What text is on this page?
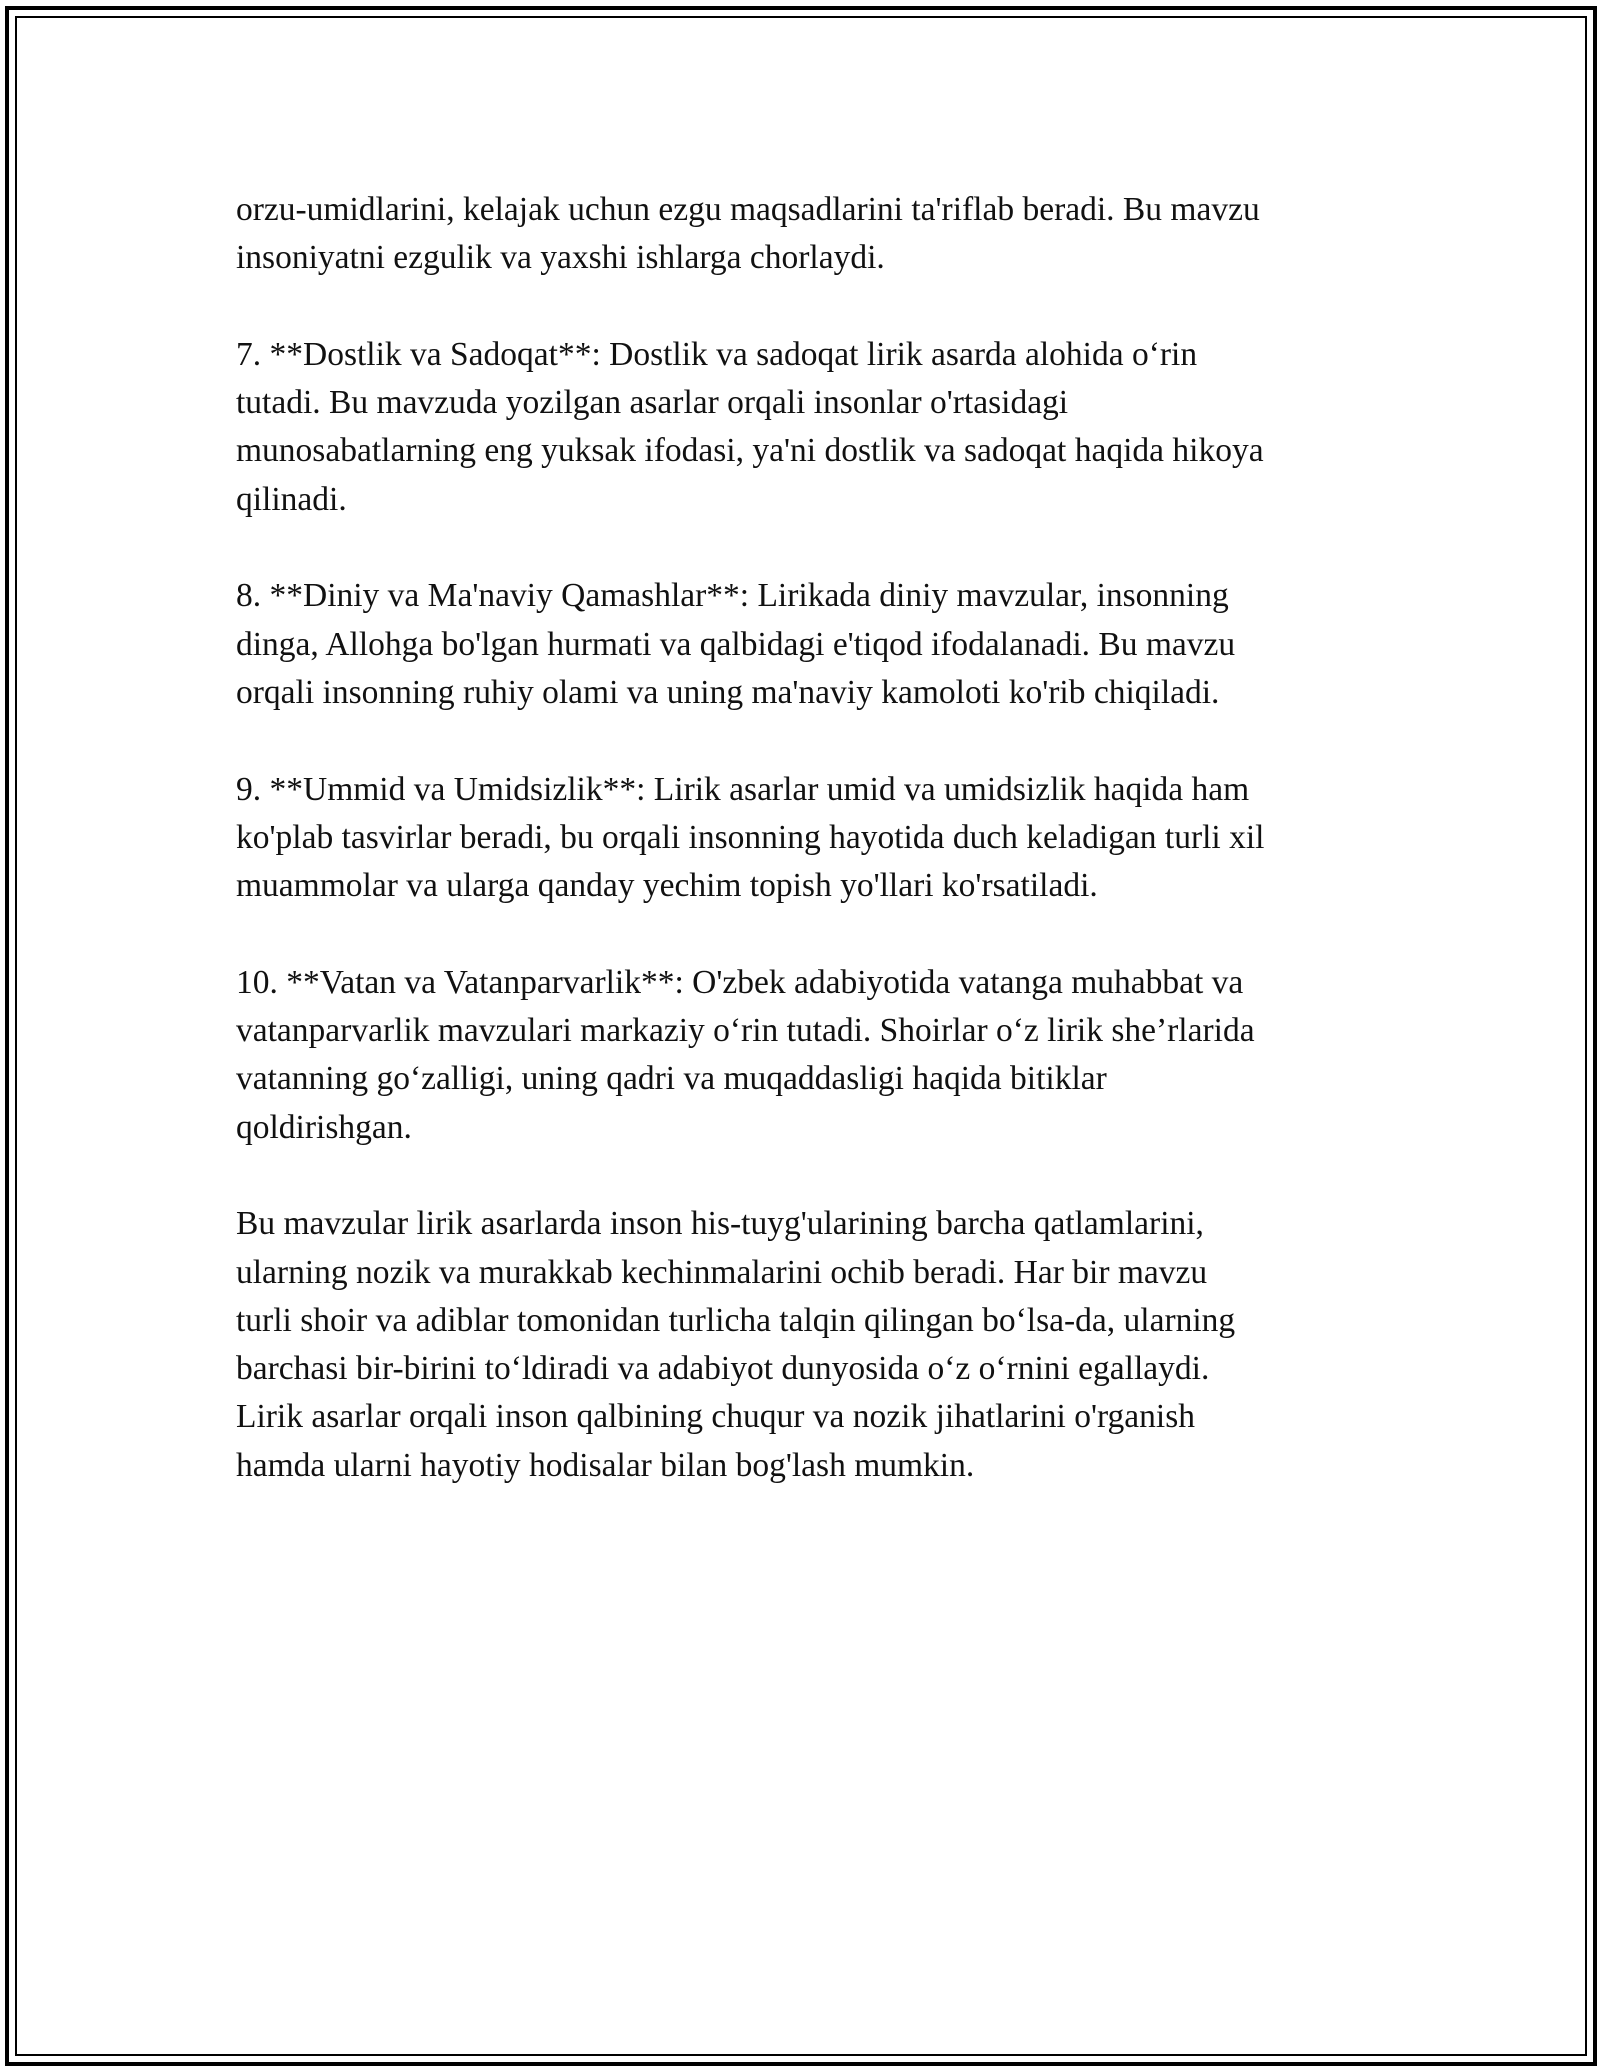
orzu-umidlarini, kelajak uchun ezgu maqsadlarini ta'riflab beradi. Bu mavzu
insoniyatni ezgulik va yaxshi ishlarga chorlaydi.

7. **Dostlik va Sadoqat**: Dostlik va sadoqat lirik asarda alohida o‘rin
tutadi. Bu mavzuda yozilgan asarlar orqali insonlar o'rtasidagi
munosabatlarning eng yuksak ifodasi, ya'ni dostlik va sadoqat haqida hikoya
qilinadi.

8. **Diniy va Ma'naviy Qamashlar**: Lirikada diniy mavzular, insonning
dinga, Allohga bo'lgan hurmati va qalbidagi e'tiqod ifodalanadi. Bu mavzu
orqali insonning ruhiy olami va uning ma'naviy kamoloti ko'rib chiqiladi.

9. **Ummid va Umidsizlik**: Lirik asarlar umid va umidsizlik haqida ham
ko'plab tasvirlar beradi, bu orqali insonning hayotida duch keladigan turli xil
muammolar va ularga qanday yechim topish yo'llari ko'rsatiladi.

10. **Vatan va Vatanparvarlik**: O'zbek adabiyotida vatanga muhabbat va
vatanparvarlik mavzulari markaziy o‘rin tutadi. Shoirlar o‘z lirik she’rlarida
vatanning go‘zalligi, uning qadri va muqaddasligi haqida bitiklar
qoldirishgan.

Bu mavzular lirik asarlarda inson his-tuyg'ularining barcha qatlamlarini,
ularning nozik va murakkab kechinmalarini ochib beradi. Har bir mavzu
turli shoir va adiblar tomonidan turlicha talqin qilingan bo‘lsa-da, ularning
barchasi bir-birini to‘ldiradi va adabiyot dunyosida o‘z o‘rnini egallaydi.
Lirik asarlar orqali inson qalbining chuqur va nozik jihatlarini o'rganish
hamda ularni hayotiy hodisalar bilan bog'lash mumkin.
